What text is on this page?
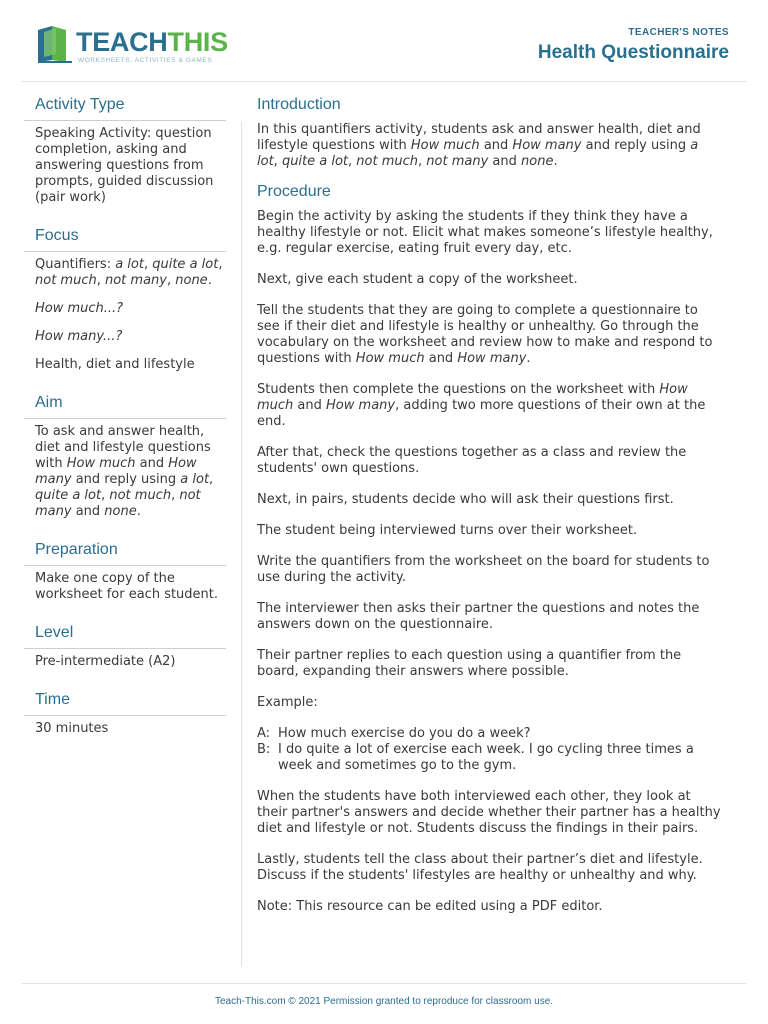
TEACHTHIS
WORKSHEETS, ACTIVITIES & GAMES
TEACHER'S NOTES
Health Questionnaire
Activity Type

Speaking Activity: question completion, asking and answering questions from prompts, guided discussion (pair work)

Focus

Quantifiers: a lot, quite a lot, not much, not many, none.

How much...?

How many...?

Health, diet and lifestyle

Aim

To ask and answer health, diet and lifestyle questions with How much and How many and reply using a lot, quite a lot, not much, not many and none.

Preparation

Make one copy of the worksheet for each student.

Level

Pre-intermediate (A2)

Time

30 minutes

Introduction

In this quantifiers activity, students ask and answer health, diet and lifestyle questions with How much and How many and reply using a lot, quite a lot, not much, not many and none.

Procedure

Begin the activity by asking the students if they think they have a healthy lifestyle or not. Elicit what makes someone’s lifestyle healthy, e.g. regular exercise, eating fruit every day, etc.

Next, give each student a copy of the worksheet.

Tell the students that they are going to complete a questionnaire to see if their diet and lifestyle is healthy or unhealthy. Go through the vocabulary on the worksheet and review how to make and respond to questions with How much and How many.

Students then complete the questions on the worksheet with How much and How many, adding two more questions of their own at the end.

After that, check the questions together as a class and review the students' own questions.

Next, in pairs, students decide who will ask their questions first.

The student being interviewed turns over their worksheet.

Write the quantifiers from the worksheet on the board for students to use during the activity.

The interviewer then asks their partner the questions and notes the answers down on the questionnaire.

Their partner replies to each question using a quantifier from the board, expanding their answers where possible.

Example:

A: How much exercise do you do a week?
B: I do quite a lot of exercise each week. I go cycling three times a week and sometimes go to the gym.

When the students have both interviewed each other, they look at their partner's answers and decide whether their partner has a healthy diet and lifestyle or not. Students discuss the findings in their pairs.

Lastly, students tell the class about their partner’s diet and lifestyle. Discuss if the students' lifestyles are healthy or unhealthy and why.

Note: This resource can be edited using a PDF editor.

Teach-This.com © 2021 Permission granted to reproduce for classroom use.
